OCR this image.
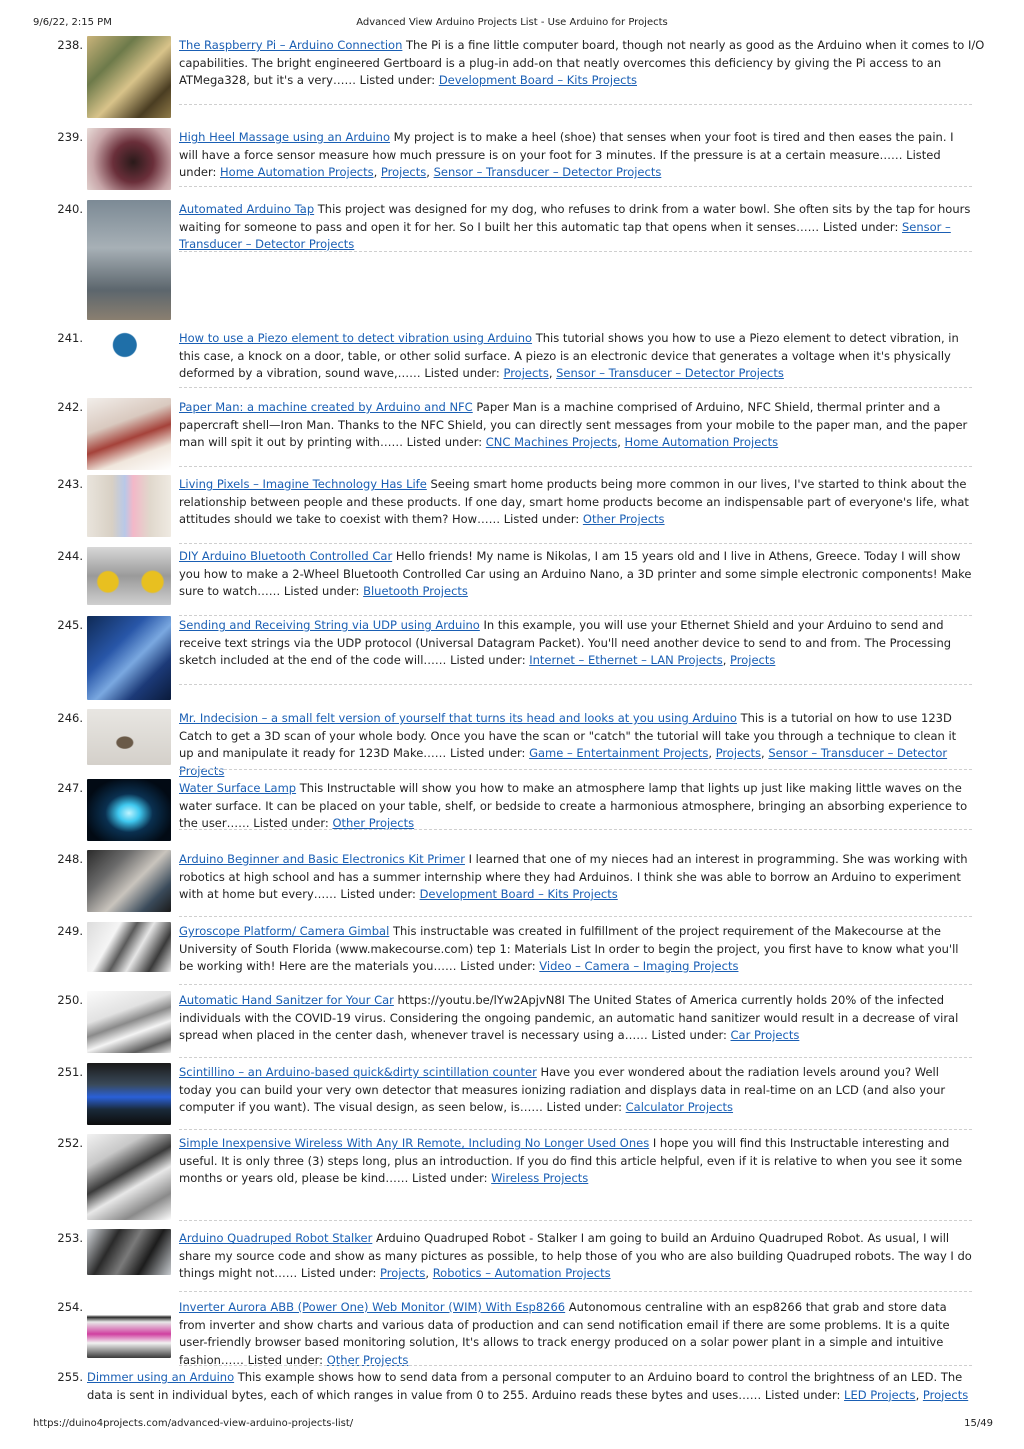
9/6/22, 2:15 PM	Advanced View Arduino Projects List - Use Arduino for Projects
238.	The Raspberry Pi – Arduino Connection The Pi is a fine little computer board, though not nearly as good as the Arduino when it comes to I/O capabilities. The bright engineered Gertboard is a plug-in add-on that neatly overcomes this deficiency by giving the Pi access to an ATMega328, but it's a very…… Listed under: Development Board – Kits Projects
239.	High Heel Massage using an Arduino My project is to make a heel (shoe) that senses when your foot is tired and then eases the pain. I will have a force sensor measure how much pressure is on your foot for 3 minutes. If the pressure is at a certain measure…… Listed under: Home Automation Projects, Projects, Sensor – Transducer – Detector Projects
240.	Automated Arduino Tap This project was designed for my dog, who refuses to drink from a water bowl. She often sits by the tap for hours waiting for someone to pass and open it for her. So I built her this automatic tap that opens when it senses…… Listed under: Sensor – Transducer – Detector Projects
241.	How to use a Piezo element to detect vibration using Arduino This tutorial shows you how to use a Piezo element to detect vibration, in this case, a knock on a door, table, or other solid surface. A piezo is an electronic device that generates a voltage when it's physically deformed by a vibration, sound wave,…… Listed under: Projects, Sensor – Transducer – Detector Projects
242.	Paper Man: a machine created by Arduino and NFC Paper Man is a machine comprised of Arduino, NFC Shield, thermal printer and a papercraft shell—Iron Man. Thanks to the NFC Shield, you can directly sent messages from your mobile to the paper man, and the paper man will spit it out by printing with…… Listed under: CNC Machines Projects, Home Automation Projects
243.	Living Pixels – Imagine Technology Has Life Seeing smart home products being more common in our lives, I've started to think about the relationship between people and these products. If one day, smart home products become an indispensable part of everyone's life, what attitudes should we take to coexist with them? How…… Listed under: Other Projects
244.	DIY Arduino Bluetooth Controlled Car Hello friends! My name is Nikolas, I am 15 years old and I live in Athens, Greece. Today I will show you how to make a 2-Wheel Bluetooth Controlled Car using an Arduino Nano, a 3D printer and some simple electronic components! Make sure to watch…… Listed under: Bluetooth Projects
245.	Sending and Receiving String via UDP using Arduino In this example, you will use your Ethernet Shield and your Arduino to send and receive text strings via the UDP protocol (Universal Datagram Packet). You'll need another device to send to and from. The Processing sketch included at the end of the code will…… Listed under: Internet – Ethernet – LAN Projects, Projects
246.	Mr. Indecision – a small felt version of yourself that turns its head and looks at you using Arduino This is a tutorial on how to use 123D Catch to get a 3D scan of your whole body. Once you have the scan or "catch" the tutorial will take you through a technique to clean it up and manipulate it ready for 123D Make…… Listed under: Game – Entertainment Projects, Projects, Sensor – Transducer – Detector Projects
247.	Water Surface Lamp This Instructable will show you how to make an atmosphere lamp that lights up just like making little waves on the water surface. It can be placed on your table, shelf, or bedside to create a harmonious atmosphere, bringing an absorbing experience to the user…… Listed under: Other Projects
248.	Arduino Beginner and Basic Electronics Kit Primer I learned that one of my nieces had an interest in programming. She was working with robotics at high school and has a summer internship where they had Arduinos. I think she was able to borrow an Arduino to experiment with at home but every…… Listed under: Development Board – Kits Projects
249.	Gyroscope Platform/ Camera Gimbal This instructable was created in fulfillment of the project requirement of the Makecourse at the University of South Florida (www.makecourse.com) tep 1: Materials List In order to begin the project, you first have to know what you'll be working with! Here are the materials you…… Listed under: Video – Camera – Imaging Projects
250.	Automatic Hand Sanitzer for Your Car https://youtu.be/lYw2ApjvN8I The United States of America currently holds 20% of the infected individuals with the COVID-19 virus. Considering the ongoing pandemic, an automatic hand sanitizer would result in a decrease of viral spread when placed in the center dash, whenever travel is necessary using a…… Listed under: Car Projects
251.	Scintillino – an Arduino-based quick&dirty scintillation counter Have you ever wondered about the radiation levels around you? Well today you can build your very own detector that measures ionizing radiation and displays data in real-time on an LCD (and also your computer if you want). The visual design, as seen below, is…… Listed under: Calculator Projects
252.	Simple Inexpensive Wireless With Any IR Remote, Including No Longer Used Ones I hope you will find this Instructable interesting and useful. It is only three (3) steps long, plus an introduction. If you do find this article helpful, even if it is relative to when you see it some months or years old, please be kind…… Listed under: Wireless Projects
253.	Arduino Quadruped Robot Stalker Arduino Quadruped Robot - Stalker I am going to build an Arduino Quadruped Robot. As usual, I will share my source code and show as many pictures as possible, to help those of you who are also building Quadruped robots. The way I do things might not…… Listed under: Projects, Robotics – Automation Projects
254.	Inverter Aurora ABB (Power One) Web Monitor (WIM) With Esp8266 Autonomous centraline with an esp8266 that grab and store data from inverter and show charts and various data of production and can send notification email if there are some problems. It is a quite user-friendly browser based monitoring solution, It's allows to track energy produced on a solar power plant in a simple and intuitive fashion…… Listed under: Other Projects
255. Dimmer using an Arduino This example shows how to send data from a personal computer to an Arduino board to control the brightness of an LED. The data is sent in individual bytes, each of which ranges in value from 0 to 255. Arduino reads these bytes and uses…… Listed under: LED Projects, Projects
https://duino4projects.com/advanced-view-arduino-projects-list/	15/49
